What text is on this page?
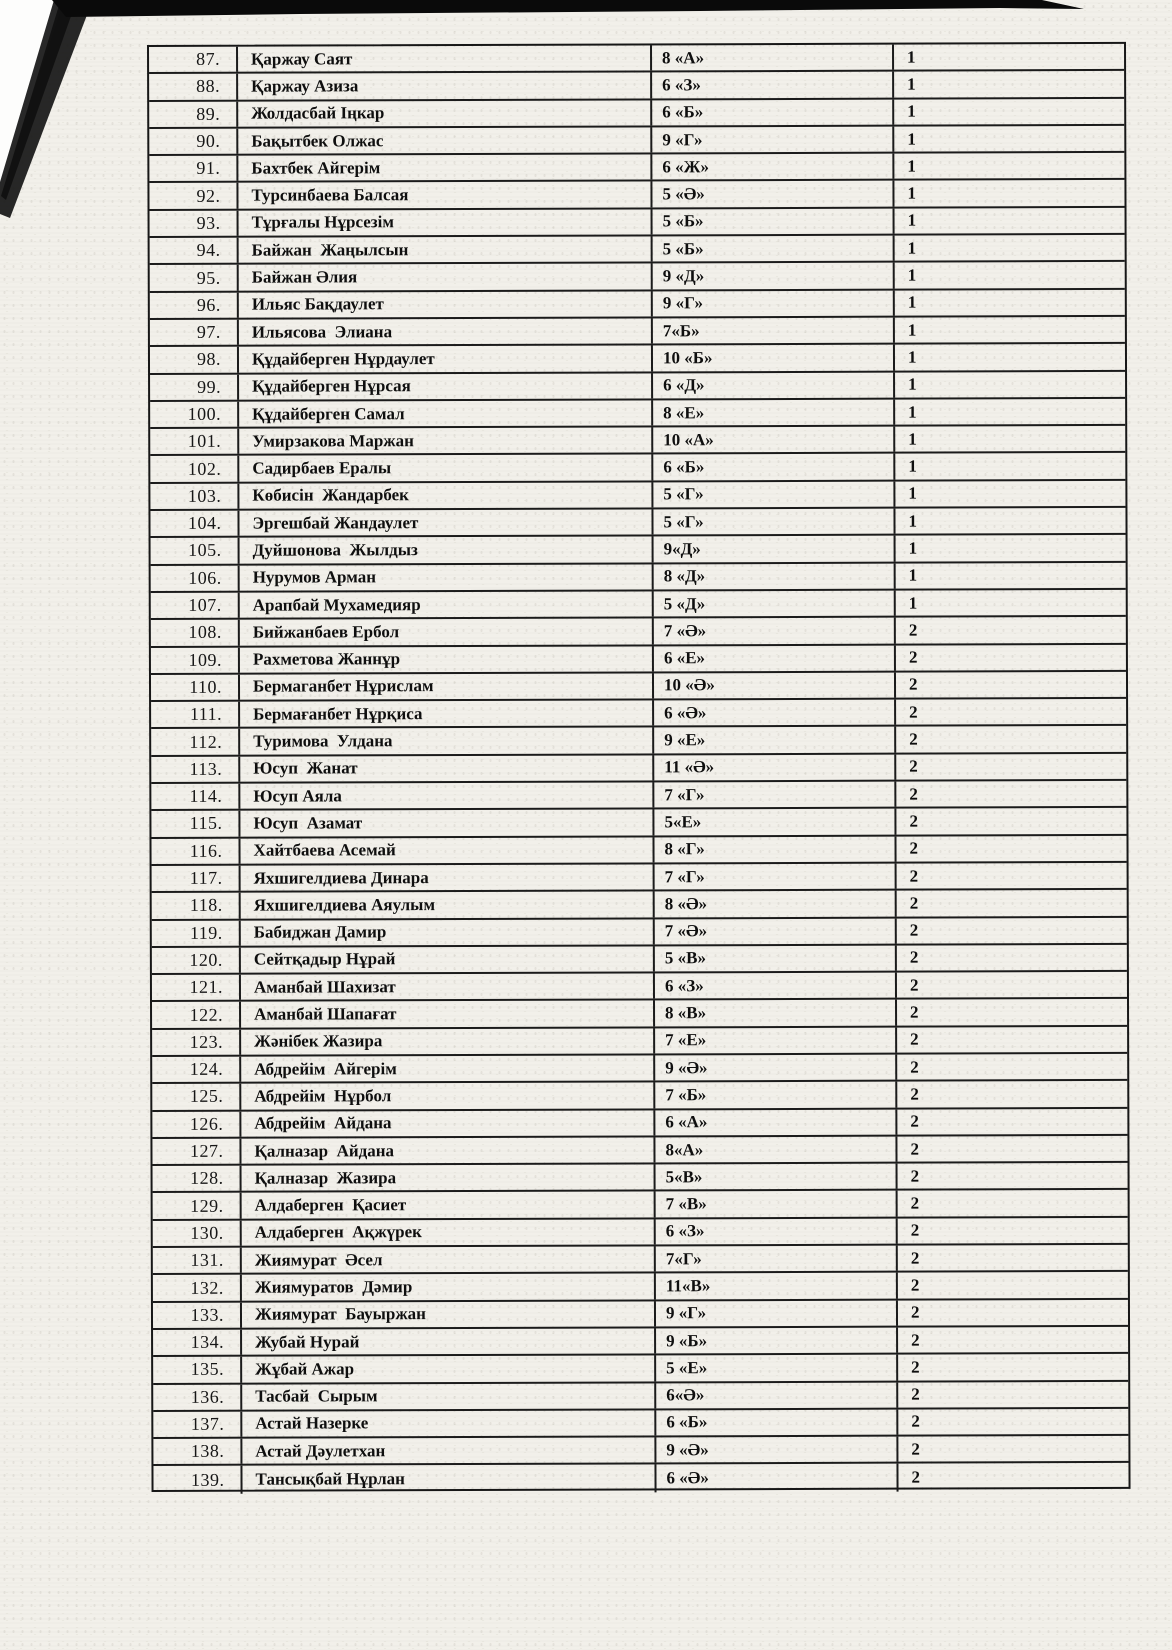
87.	Қаржау Саят	8 «А»	1
88.	Қаржау Азиза	6 «З»	1
89.	Жолдасбай Іңкар	6 «Б»	1
90.	Бақытбек Олжас	9 «Г»	1
91.	Бахтбек Айгерім	6 «Ж»	1
92.	Турсинбаева Балсая	5 «Ә»	1
93.	Тұрғалы Нұрсезім	5 «Б»	1
94.	Байжан  Жаңылсын	5 «Б»	1
95.	Байжан Әлия	9 «Д»	1
96.	Ильяс Бақдаулет	9 «Г»	1
97.	Ильясова  Элиана	7«Б»	1
98.	Құдайберген Нұрдаулет	10 «Б»	1
99.	Құдайберген Нұрсая	6 «Д»	1
100.	Құдайберген Самал	8 «Е»	1
101.	Умирзакова Маржан	10 «А»	1
102.	Садирбаев Ералы	6 «Б»	1
103.	Көбисін  Жандарбек	5 «Г»	1
104.	Эргешбай Жандаулет	5 «Г»	1
105.	Дуйшонова  Жылдыз	9«Д»	1
106.	Нурумов Арман	8 «Д»	1
107.	Арапбай Мухамедияр	5 «Д»	1
108.	Бийжанбаев Ербол	7 «Ә»	2
109.	Рахметова Жаннұр	6 «Е»	2
110.	Бермаганбет Нұрислам	10 «Ә»	2
111.	Бермағанбет Нұрқиса	6 «Ә»	2
112.	Туримова  Улдана	9 «Е»	2
113.	Юсуп  Жанат	11 «Ә»	2
114.	Юсуп Аяла	7 «Г»	2
115.	Юсуп  Азамат	5«Е»	2
116.	Хайтбаева Асемай	8 «Г»	2
117.	Яхшигелдиева Динара	7 «Г»	2
118.	Яхшигелдиева Аяулым	8 «Ә»	2
119.	Бабиджан Дамир	7 «Ә»	2
120.	Сейтқадыр Нұрай	5 «В»	2
121.	Аманбай Шахизат	6 «З»	2
122.	Аманбай Шапағат	8 «В»	2
123.	Жәнібек Жазира	7 «Е»	2
124.	Абдрейім  Айгерім	9 «Ә»	2
125.	Абдрейім  Нұрбол	7 «Б»	2
126.	Абдрейім  Айдана	6 «А»	2
127.	Қалназар  Айдана	8«А»	2
128.	Қалназар  Жазира	5«В»	2
129.	Алдаберген  Қасиет	7 «В»	2
130.	Алдаберген  Ақжүрек	6 «З»	2
131.	Жиямурат  Әсел	7«Г»	2
132.	Жиямуратов  Дәмир	11«В»	2
133.	Жиямурат  Бауыржан	9 «Г»	2
134.	Жубай Нурай	9 «Б»	2
135.	Жұбай Ажар	5 «Е»	2
136.	Тасбай  Сырым	6«Ә»	2
137.	Астай Назерке	6 «Б»	2
138.	Астай Дәулетхан	9 «Ә»	2
139.	Тансықбай Нұрлан	6 «Ә»	2
